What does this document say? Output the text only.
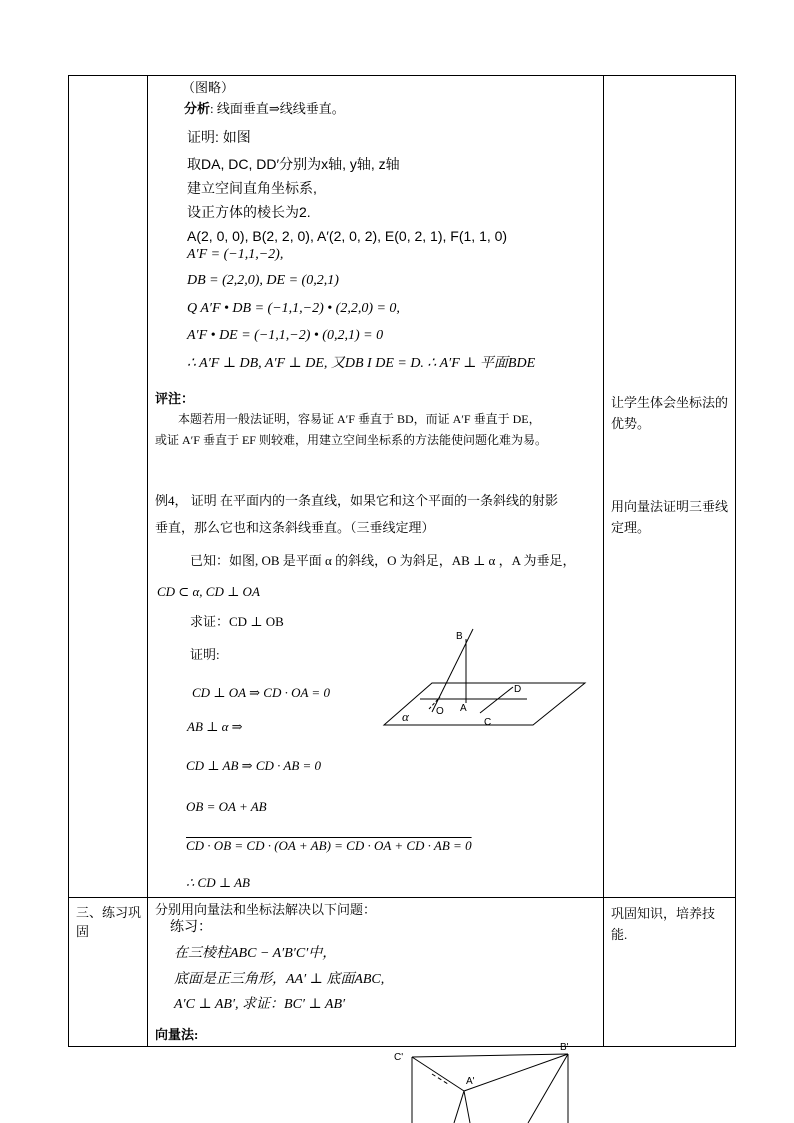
（图略）
分析: 线面垂直⇒线线垂直。
证明: 如图
取DA, DC, DD′分别为x轴, y轴, z轴
建立空间直角坐标系,
设正方体的棱长为2.
A(2, 0, 0), B(2, 2, 0), A′(2, 0, 2), E(0, 2, 1), F(1, 1, 0)
A′F = (−1,1,−2),
DB = (2,2,0), DE = (0,2,1)
Q A′F • DB = (−1,1,−2) • (2,2,0) = 0,
A′F • DE = (−1,1,−2) • (0,2,1) = 0
∴ A′F ⊥ DB, A′F ⊥ DE, 又DB I DE = D. ∴ A′F ⊥ 平面BDE
评注：
本题若用一般法证明，容易证 A′F 垂直于 BD，而证 A′F 垂直于 DE，
或证 A′F 垂直于 EF 则较难，用建立空间坐标系的方法能使问题化难为易。
例4， 证明 在平面内的一条直线，如果它和这个平面的一条斜线的射影
垂直，那么它也和这条斜线垂直。（三垂线定理）
已知：如图, OB 是平面 α 的斜线，O 为斜足，AB ⊥ α ，A 为垂足，
CD ⊂ α, CD ⊥ OA
求证：CD ⊥ OB
证明:
CD ⊥ OA ⇒ CD · OA = 0
AB ⊥ α ⇒
CD ⊥ AB ⇒ CD · AB = 0
OB = OA + AB
CD · OB = CD · (OA + AB) = CD · OA + CD · AB = 0
∴ CD ⊥ AB
让学生体会坐标法的优势。
用向量法证明三垂线定理。
B
D
O A
C
α
三、练习巩固
分别用向量法和坐标法解决以下问题：
练习：
在三棱柱ABC − A′B′C′中，
底面是正三角形，AA′ ⊥ 底面ABC,
A′C ⊥ AB′, 求证：BC′ ⊥ AB′
向量法:
巩固知识，培养技能.
C'
B'
A'
